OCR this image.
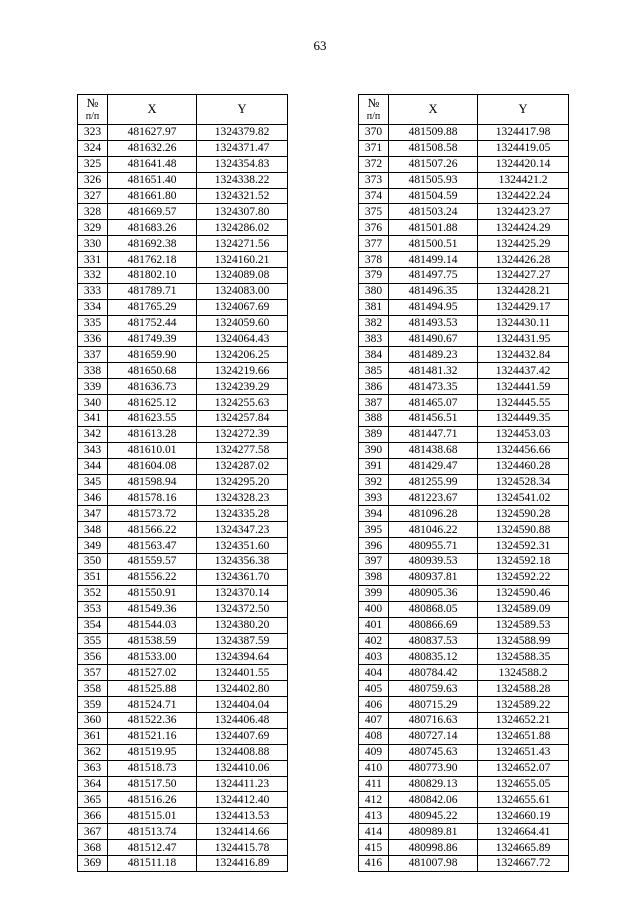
63
№
п/п	X	Y
323	481627.97	1324379.82
324	481632.26	1324371.47
325	481641.48	1324354.83
326	481651.40	1324338.22
327	481661.80	1324321.52
328	481669.57	1324307.80
329	481683.26	1324286.02
330	481692.38	1324271.56
331	481762.18	1324160.21
332	481802.10	1324089.08
333	481789.71	1324083.00
334	481765.29	1324067.69
335	481752.44	1324059.60
336	481749.39	1324064.43
337	481659.90	1324206.25
338	481650.68	1324219.66
339	481636.73	1324239.29
340	481625.12	1324255.63
341	481623.55	1324257.84
342	481613.28	1324272.39
343	481610.01	1324277.58
344	481604.08	1324287.02
345	481598.94	1324295.20
346	481578.16	1324328.23
347	481573.72	1324335.28
348	481566.22	1324347.23
349	481563.47	1324351.60
350	481559.57	1324356.38
351	481556.22	1324361.70
352	481550.91	1324370.14
353	481549.36	1324372.50
354	481544.03	1324380.20
355	481538.59	1324387.59
356	481533.00	1324394.64
357	481527.02	1324401.55
358	481525.88	1324402.80
359	481524.71	1324404.04
360	481522.36	1324406.48
361	481521.16	1324407.69
362	481519.95	1324408.88
363	481518.73	1324410.06
364	481517.50	1324411.23
365	481516.26	1324412.40
366	481515.01	1324413.53
367	481513.74	1324414.66
368	481512.47	1324415.78
369	481511.18	1324416.89
№
п/п	X	Y
370	481509.88	1324417.98
371	481508.58	1324419.05
372	481507.26	1324420.14
373	481505.93	1324421.2
374	481504.59	1324422.24
375	481503.24	1324423.27
376	481501.88	1324424.29
377	481500.51	1324425.29
378	481499.14	1324426.28
379	481497.75	1324427.27
380	481496.35	1324428.21
381	481494.95	1324429.17
382	481493.53	1324430.11
383	481490.67	1324431.95
384	481489.23	1324432.84
385	481481.32	1324437.42
386	481473.35	1324441.59
387	481465.07	1324445.55
388	481456.51	1324449.35
389	481447.71	1324453.03
390	481438.68	1324456.66
391	481429.47	1324460.28
392	481255.99	1324528.34
393	481223.67	1324541.02
394	481096.28	1324590.28
395	481046.22	1324590.88
396	480955.71	1324592.31
397	480939.53	1324592.18
398	480937.81	1324592.22
399	480905.36	1324590.46
400	480868.05	1324589.09
401	480866.69	1324589.53
402	480837.53	1324588.99
403	480835.12	1324588.35
404	480784.42	1324588.2
405	480759.63	1324588.28
406	480715.29	1324589.22
407	480716.63	1324652.21
408	480727.14	1324651.88
409	480745.63	1324651.43
410	480773.90	1324652.07
411	480829.13	1324655.05
412	480842.06	1324655.61
413	480945.22	1324660.19
414	480989.81	1324664.41
415	480998.86	1324665.89
416	481007.98	1324667.72
